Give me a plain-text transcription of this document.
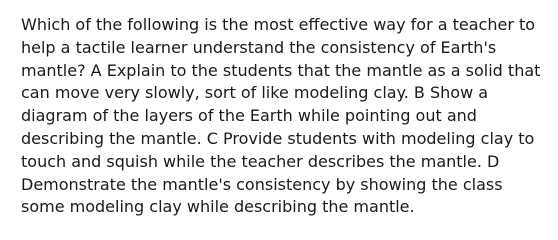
Which of the following is the most effective way for a teacher to
help a tactile learner understand the consistency of Earth's
mantle? A Explain to the students that the mantle as a solid that
can move very slowly, sort of like modeling clay. B Show a
diagram of the layers of the Earth while pointing out and
describing the mantle. C Provide students with modeling clay to
touch and squish while the teacher describes the mantle. D
Demonstrate the mantle's consistency by showing the class
some modeling clay while describing the mantle.
